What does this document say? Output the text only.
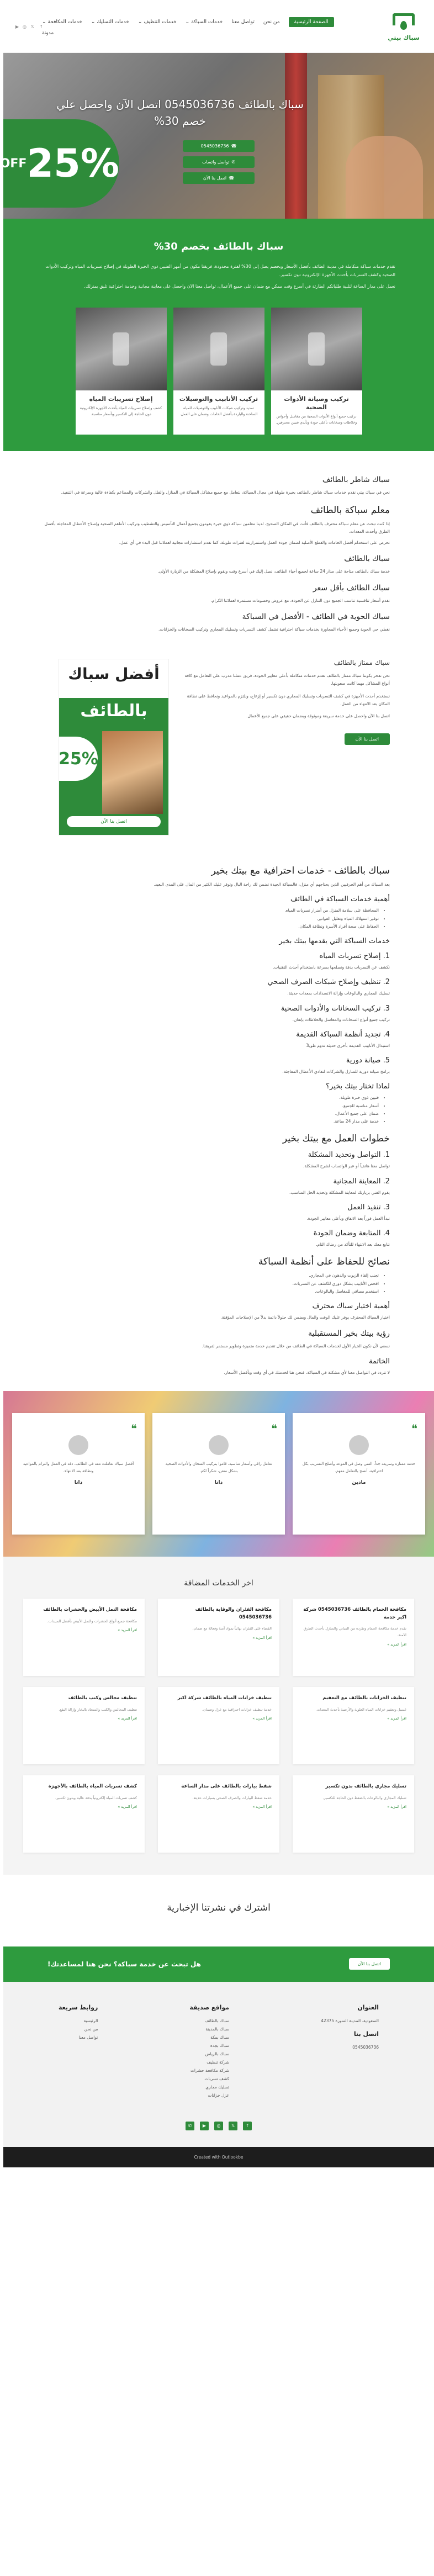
سباك بيتي
الصفحة الرئيسية
من نحن
تواصل معنا
خدمات السباكة
⌄
خدمات التنظيف
⌄
خدمات التسليك
⌄
خدمات المكافحة
⌄
مدونة
f
𝕏
◎
▶
سباك بالطائف 0545036736 اتصل الآن واحصل علي خصم 30%
☎
0545036736
✆
تواصل واتساب
☎
اتصل بنا الآن
25%
OFF
سباك بالطائف بخصم 30%

نقدم خدمات سباكة متكاملة في مدينة الطائف بأفضل الأسعار وبخصم يصل إلى 30% لفترة محدودة، فريقنا مكون من أمهر الفنيين ذوي الخبرة الطويلة في إصلاح تسريبات المياه وتركيب الأدوات الصحية وكشف التسربات بأحدث الأجهزة الإلكترونية دون تكسير.

نعمل على مدار الساعة لتلبية طلباتكم الطارئة في أسرع وقت ممكن مع ضمان على جميع الأعمال، تواصل معنا الآن واحصل على معاينة مجانية وخدمة احترافية تليق بمنزلك.

تركيب وصيانة الأدوات الصحية

تركيب جميع أنواع الأدوات الصحية من مغاسل وأحواض وخلاطات وسخانات بأعلى جودة وبأيدي فنيين محترفين.

تركيب الأنابيب والتوصيلات

تمديد وتركيب شبكات الأنابيب والتوصيلات للمياه الساخنة والباردة بأفضل الخامات وضمان على العمل.

إصلاح تسريبات المياه

كشف وإصلاح تسريبات المياه بأحدث الأجهزة الإلكترونية دون الحاجة إلى التكسير وبأسعار مناسبة.

سباك شاطر بالطائف

نحن في سباك بيتي نقدم خدمات سباك شاطر بالطائف بخبرة طويلة في مجال السباكة، نتعامل مع جميع مشاكل السباكة في المنازل والفلل والشركات والمطاعم بكفاءة عالية وسرعة في التنفيذ.

معلم سباكة بالطائف

إذا كنت تبحث عن معلم سباكة محترف بالطائف فأنت في المكان الصحيح، لدينا معلمين سباكة ذوي خبرة يقومون بجميع أعمال التأسيس والتشطيب وتركيب الأطقم الصحية وإصلاح الأعطال المفاجئة بأفضل الطرق وأحدث المعدات.

نحرص على استخدام أفضل الخامات والقطع الأصلية لضمان جودة العمل واستمراريته لفترات طويلة، كما نقدم استشارات مجانية لعملائنا قبل البدء في أي عمل.

سباك بالطائف

خدمة سباك بالطائف متاحة على مدار 24 ساعة لجميع أحياء الطائف، نصل إليك في أسرع وقت ونقوم بإصلاح المشكلة من الزيارة الأولى.

سباك الطائف بأقل سعر

نقدم أسعار تنافسية تناسب الجميع دون التنازل عن الجودة، مع عروض وخصومات مستمرة لعملائنا الكرام.

سباك الحوية في الطائف - الأفضل في السباكة

نغطي حي الحوية وجميع الأحياء المجاورة بخدمات سباكة احترافية تشمل كشف التسربات وتسليك المجاري وتركيب السخانات والخزانات.

سباك ممتاز بالطائف

نحن نفخر بكوننا سباك ممتاز بالطائف نقدم خدمات متكاملة بأعلى معايير الجودة، فريق عملنا مدرب على التعامل مع كافة أنواع المشاكل مهما كانت صعوبتها.

نستخدم أحدث الأجهزة في كشف التسربات وتسليك المجاري دون تكسير أو إزعاج، ونلتزم بالمواعيد ونحافظ على نظافة المكان بعد الانتهاء من العمل.

اتصل بنا الآن واحصل على خدمة سريعة وموثوقة وبضمان حقيقي على جميع الأعمال.

اتصل بنا الآن
أفضل سباك
بالطائف
25%
اتصل بنا الآن
سباك بالطائف - خدمات احترافية مع بيتك بخير

يعد السباك من أهم الحرفيين الذين يحتاجهم أي منزل، فالسباكة الجيدة تضمن لك راحة البال وتوفر عليك الكثير من المال على المدى البعيد.

أهمية خدمات السباكة في الطائف
• المحافظة على سلامة المنزل من أضرار تسربات المياه.
• توفير استهلاك المياه وتقليل الفواتير.
• الحفاظ على صحة أفراد الأسرة ونظافة المكان.
خدمات السباكة التي يقدمها بيتك بخير
1. إصلاح تسربات المياه

نكشف عن التسربات بدقة ونصلحها بسرعة باستخدام أحدث التقنيات.

2. تنظيف وإصلاح شبكات الصرف الصحي

تسليك المجاري والبالوعات وإزالة الانسدادات بمعدات حديثة.

3. تركيب السخانات والأدوات الصحية

تركيب جميع أنواع السخانات والمغاسل والخلاطات بإتقان.

4. تجديد أنظمة السباكة القديمة

استبدال الأنابيب القديمة بأخرى حديثة تدوم طويلاً.

5. صيانة دورية

برامج صيانة دورية للمنازل والشركات لتفادي الأعطال المفاجئة.

لماذا تختار بيتك بخير؟
• فنيين ذوي خبرة طويلة.
• أسعار مناسبة للجميع.
• ضمان على جميع الأعمال.
• خدمة على مدار 24 ساعة.
خطوات العمل مع بيتك بخير
1. التواصل وتحديد المشكلة

تواصل معنا هاتفياً أو عبر الواتساب لشرح المشكلة.

2. المعاينة المجانية

يقوم الفني بزيارتك لمعاينة المشكلة وتحديد الحل المناسب.

3. تنفيذ العمل

نبدأ العمل فوراً بعد الاتفاق وبأعلى معايير الجودة.

4. المتابعة وضمان الجودة

نتابع معك بعد الانتهاء للتأكد من رضاك التام.

نصائح للحفاظ على أنظمة السباكة
• تجنب إلقاء الزيوت والدهون في المجاري.
• افحص الأنابيب بشكل دوري للكشف عن التسربات.
• استخدم مصافي للمغاسل والبالوعات.
أهمية اختيار سباك محترف

اختيار السباك المحترف يوفر عليك الوقت والمال ويضمن لك حلولاً دائمة بدلاً من الإصلاحات المؤقتة.

رؤية بيتك بخير المستقبلية

نسعى لأن نكون الخيار الأول لخدمات السباكة في الطائف من خلال تقديم خدمة متميزة وتطوير مستمر لفريقنا.

الخاتمة

لا تتردد في التواصل معنا لأي مشكلة في السباكة، فنحن هنا لخدمتك في أي وقت وبأفضل الأسعار.

❝

خدمة ممتازة وسريعة جداً، الفني وصل في الموعد وأصلح التسريب بكل احترافية، أنصح بالتعامل معهم.

مادين
❝

تعامل راقي وأسعار مناسبة، قاموا بتركيب السخان والأدوات الصحية بشكل متقن، شكراً لكم.

دانا
❝

أفضل سباك تعاملت معه في الطائف، دقة في العمل والتزام بالمواعيد ونظافة بعد الانتهاء.

دانا
اخر الخدمات المضافة
مكافحة الحمام بالطائف 0545036736 شركة اكبر خدمة

نقدم خدمة مكافحة الحمام وطرده من المباني والمنازل بأحدث الطرق الآمنة.

اقرأ المزيد »
مكافحة الفئران والوقاية بالطائف 0545036736

القضاء على الفئران نهائياً بمواد آمنة وفعالة مع ضمان.

اقرأ المزيد »
مكافحة النمل الأبيض والحشرات بالطائف

مكافحة جميع أنواع الحشرات والنمل الأبيض بأفضل المبيدات.

اقرأ المزيد »
تنظيف الخزانات بالطائف مع التعقيم

غسيل وتعقيم خزانات المياه العلوية والأرضية بأحدث المعدات.

اقرأ المزيد »
تنظيف خزانات المياه بالطائف شركة اكبر

خدمة تنظيف خزانات احترافية مع عزل وضمان.

اقرأ المزيد »
تنظيف مجالس وكنب بالطائف

تنظيف المجالس والكنب والسجاد بالبخار وإزالة البقع.

اقرأ المزيد »
تسليك مجاري بالطائف بدون تكسير

تسليك المجاري والبالوعات بالضغط دون الحاجة للتكسير.

اقرأ المزيد »
شفط بيارات بالطائف على مدار الساعة

خدمة شفط البيارات والصرف الصحي بسيارات حديثة.

اقرأ المزيد »
كشف تسربات المياه بالطائف بالأجهزة

كشف تسربات المياه إلكترونياً بدقة عالية وبدون تكسير.

اقرأ المزيد »
اشترك في نشرتنا الإخبارية
اتصل بنا الآن
هل تبحث عن خدمة سباكة؟ نحن هنا لمساعدتك!
العنوان

السعودية، المدينة المنورة 42375

اتصل بنا

0545036736

مواقع صديقة
سباك بالطائف
سباك بالمدينة
سباك بمكة
سباك بجدة
سباك بالرياض
شركة تنظيف
شركة مكافحة حشرات
كشف تسربات
تسليك مجاري
عزل خزانات
روابط سريعة
الرئيسية
من نحن
تواصل معنا
f
𝕏
◎
▶
✆
Created with Outlookbe
